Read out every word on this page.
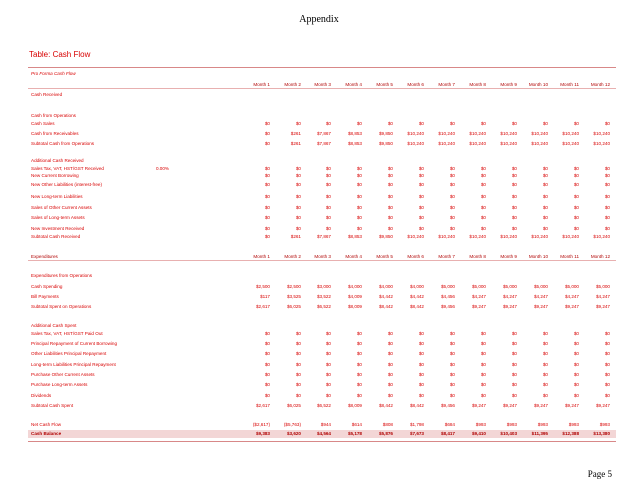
Appendix
Table: Cash Flow
Pro Forma Cash Flow
Month 1	Month 2	Month 3	Month 4	Month 5	Month 6	Month 7	Month 8	Month 9	Month 10	Month 11	Month 12
Cash Received
Cash from Operations
Cash Sales	$0	$0	$0	$0	$0	$0	$0	$0	$0	$0	$0	$0
Cash from Receivables	$0	$261	$7,867	$8,853	$9,850	$10,240	$10,240	$10,240	$10,240	$10,240	$10,240	$10,240
Subtotal Cash from Operations	$0	$261	$7,867	$8,853	$9,850	$10,240	$10,240	$10,240	$10,240	$10,240	$10,240	$10,240
Additional Cash Received
Sales Tax, VAT, HST/GST Received	0.00%	$0	$0	$0	$0	$0	$0	$0	$0	$0	$0	$0	$0
New Current Borrowing	$0	$0	$0	$0	$0	$0	$0	$0	$0	$0	$0	$0
New Other Liabilities (interest-free)	$0	$0	$0	$0	$0	$0	$0	$0	$0	$0	$0	$0
New Long-term Liabilities	$0	$0	$0	$0	$0	$0	$0	$0	$0	$0	$0	$0
Sales of Other Current Assets	$0	$0	$0	$0	$0	$0	$0	$0	$0	$0	$0	$0
Sales of Long-term Assets	$0	$0	$0	$0	$0	$0	$0	$0	$0	$0	$0	$0
New Investment Received	$0	$0	$0	$0	$0	$0	$0	$0	$0	$0	$0	$0
Subtotal Cash Received	$0	$261	$7,867	$8,853	$9,850	$10,240	$10,240	$10,240	$10,240	$10,240	$10,240	$10,240
Expenditures	Month 1	Month 2	Month 3	Month 4	Month 5	Month 6	Month 7	Month 8	Month 9	Month 10	Month 11	Month 12
Expenditures from Operations
Cash Spending	$2,500	$2,500	$3,000	$4,000	$4,000	$4,000	$5,000	$5,000	$5,000	$5,000	$5,000	$5,000
Bill Payments	$117	$3,525	$3,522	$4,009	$4,442	$4,442	$4,456	$4,247	$4,247	$4,247	$4,247	$4,247
Subtotal Spent on Operations	$2,617	$6,025	$6,522	$8,009	$8,442	$8,442	$9,456	$9,247	$9,247	$9,247	$9,247	$9,247
Additional Cash Spent
Sales Tax, VAT, HST/GST Paid Out	$0	$0	$0	$0	$0	$0	$0	$0	$0	$0	$0	$0
Principal Repayment of Current Borrowing	$0	$0	$0	$0	$0	$0	$0	$0	$0	$0	$0	$0
Other Liabilities Principal Repayment	$0	$0	$0	$0	$0	$0	$0	$0	$0	$0	$0	$0
Long-term Liabilities Principal Repayment	$0	$0	$0	$0	$0	$0	$0	$0	$0	$0	$0	$0
Purchase Other Current Assets	$0	$0	$0	$0	$0	$0	$0	$0	$0	$0	$0	$0
Purchase Long-term Assets	$0	$0	$0	$0	$0	$0	$0	$0	$0	$0	$0	$0
Dividends	$0	$0	$0	$0	$0	$0	$0	$0	$0	$0	$0	$0
Subtotal Cash Spent	$2,617	$6,025	$6,522	$8,009	$8,442	$8,442	$9,456	$9,247	$9,247	$9,247	$9,247	$9,247
Net Cash Flow	($2,617)	($5,763)	$944	$614	$808	$1,798	$684	$993	$993	$993	$993	$993
Cash Balance	$9,383	$3,620	$4,564	$5,178	$5,876	$7,673	$8,417	$9,410	$10,403	$11,395	$12,388	$13,380
Page 5
